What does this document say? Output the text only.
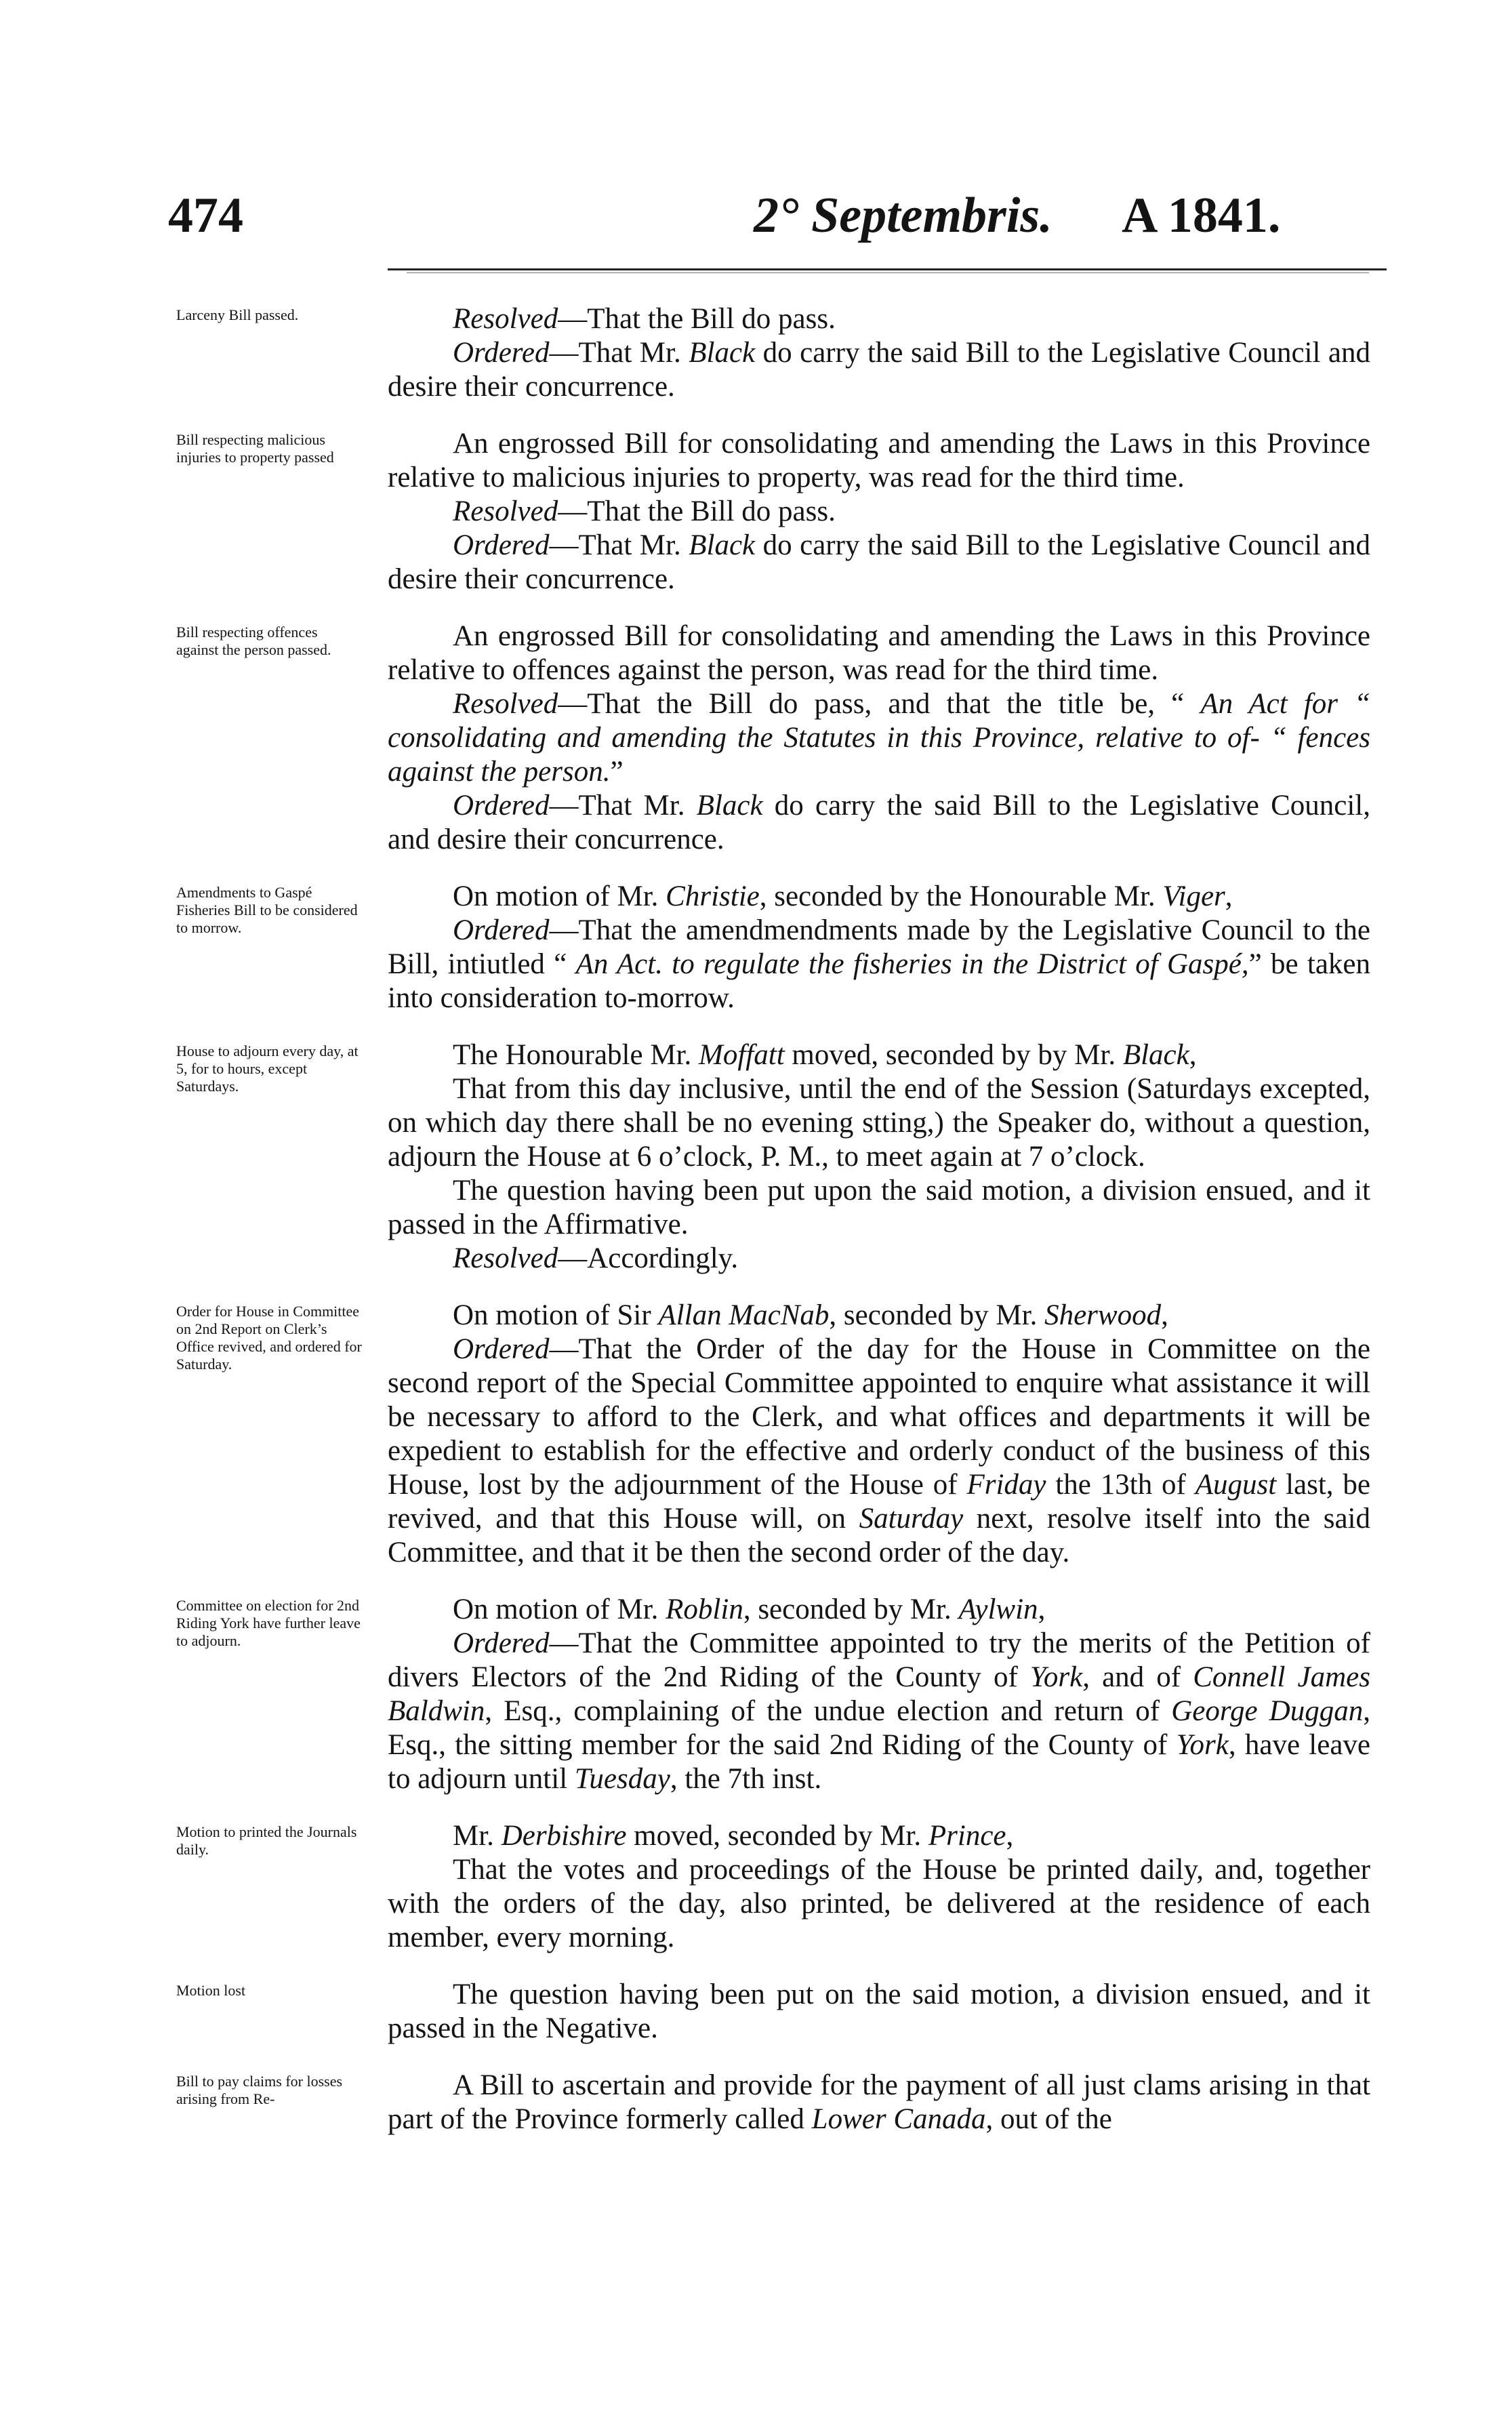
474	2° Septembris. A 1841.
Larceny Bill passed.	Resolved—That the Bill do pass.

Ordered—That Mr. Black do carry the said Bill to the Legislative Council and desire their concurrence.

Bill respecting malicious injuries to property passed	An engrossed Bill for consolidating and amending the Laws in this Province relative to malicious injuries to property, was read for the third time.

Resolved—That the Bill do pass.

Ordered—That Mr. Black do carry the said Bill to the Legislative Council and desire their concurrence.

Bill respecting offences against the person passed.	An engrossed Bill for consolidating and amending the Laws in this Province relative to offences against the person, was read for the third time.

Resolved—That the Bill do pass, and that the title be, “ An Act for “ consolidating and amending the Statutes in this Province, relative to of- “ fences against the person.”

Ordered—That Mr. Black do carry the said Bill to the Legislative Council, and desire their concurrence.

Amendments to Gaspé Fisheries Bill to be considered to morrow.

On motion of Mr. Christie, seconded by the Honourable Mr. Viger,

Ordered—That the amendmendments made by the Legislative Council to the Bill, intiutled “ An Act. to regulate the fisheries in the District of Gaspé,” be taken into consideration to-morrow.

House to adjourn every day, at 5, for to hours, except Saturdays.

The Honourable Mr. Moffatt moved, seconded by by Mr. Black,

That from this day inclusive, until the end of the Session (Saturdays excepted, on which day there shall be no evening stting,) the Speaker do, without a question, adjourn the House at 6 o’clock, P. M., to meet again at 7 o’clock.

The question having been put upon the said motion, a division ensued, and it passed in the Affirmative.

Resolved—Accordingly.

Order for House in Committee on 2nd Report on Clerk’s Office revived, and ordered for Saturday.

On motion of Sir Allan MacNab, seconded by Mr. Sherwood,

Ordered—That the Order of the day for the House in Committee on the second report of the Special Committee appointed to enquire what assistance it will be necessary to afford to the Clerk, and what offices and departments it will be expedient to establish for the effective and orderly conduct of the business of this House, lost by the adjournment of the House of Friday the 13th of August last, be revived, and that this House will, on Saturday next, resolve itself into the said Committee, and that it be then the second order of the day.

Committee on election for 2nd Riding York have further leave to adjourn.

On motion of Mr. Roblin, seconded by Mr. Aylwin,

Ordered—That the Committee appointed to try the merits of the Petition of divers Electors of the 2nd Riding of the County of York, and of Connell James Baldwin, Esq., complaining of the undue election and return of George Duggan, Esq., the sitting member for the said 2nd Riding of the County of York, have leave to adjourn until Tuesday, the 7th inst.

Motion to printed the Journals daily.	Mr. Derbishire moved, seconded by Mr. Prince,

That the votes and proceedings of the House be printed daily, and, together with the orders of the day, also printed, be delivered at the residence of each member, every morning.

Motion lost	The question having been put on the said motion, a division ensued, and it passed in the Negative.

Bill to pay claims for losses arising from Re-	A Bill to ascertain and provide for the payment of all just clams arising in that part of the Province formerly called Lower Canada, out of the
